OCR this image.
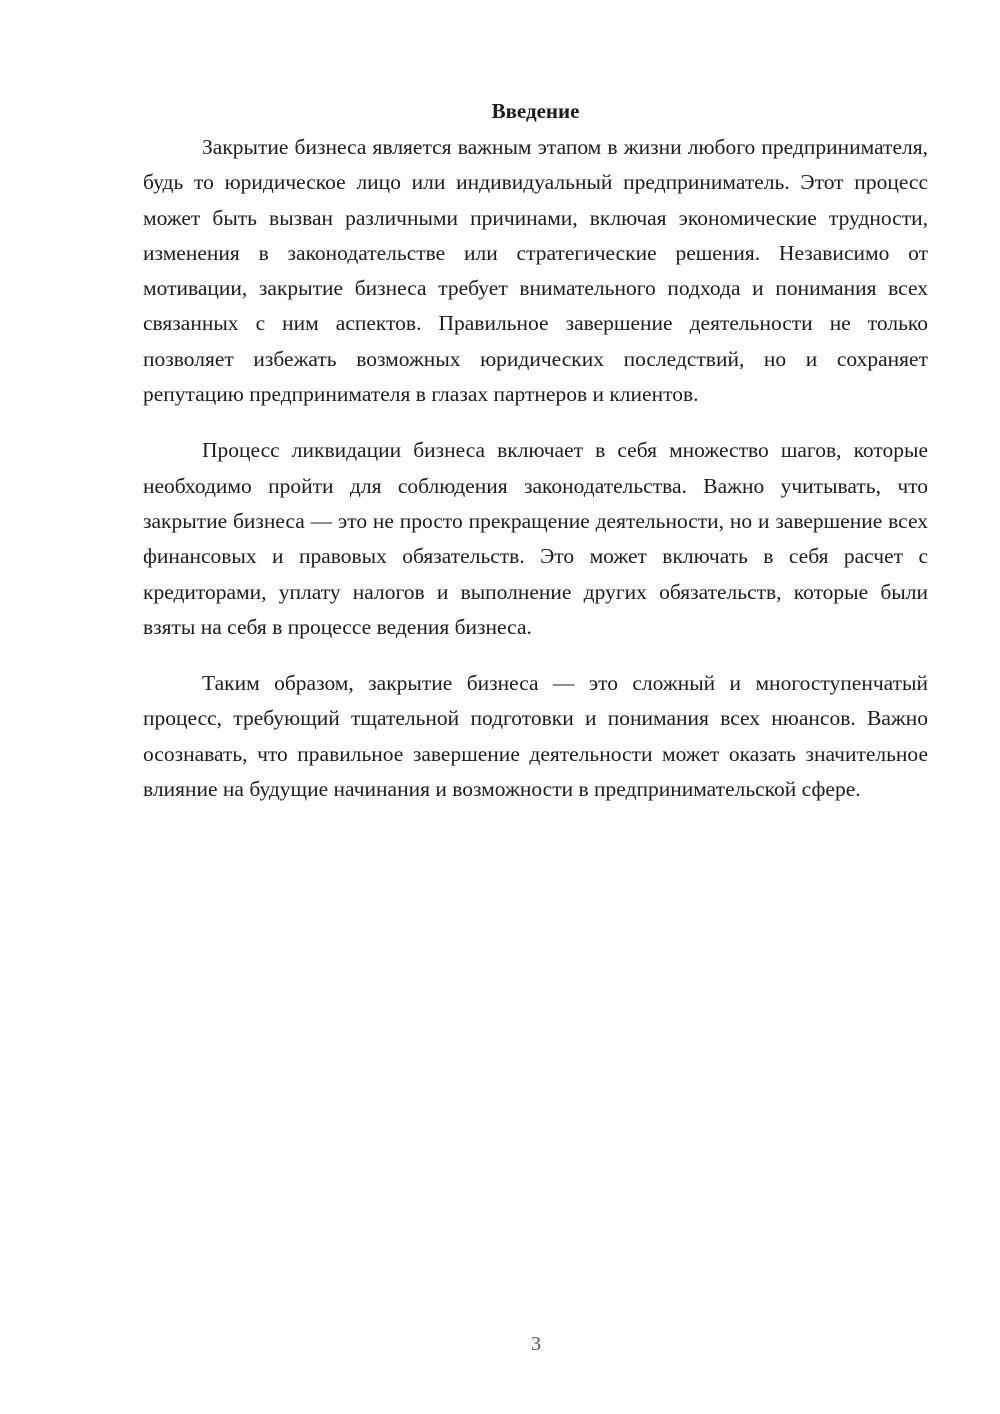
Введение

Закрытие бизнеса является важным этапом в жизни любого предпринимателя, будь то юридическое лицо или индивидуальный предприниматель. Этот процесс может быть вызван различными причинами, включая экономические трудности, изменения в законодательстве или стратегические решения. Независимо от мотивации, закрытие бизнеса требует внимательного подхода и понимания всех связанных с ним аспектов. Правильное завершение деятельности не только позволяет избежать возможных юридических последствий, но и сохраняет репутацию предпринимателя в глазах партнеров и клиентов.

Процесс ликвидации бизнеса включает в себя множество шагов, которые необходимо пройти для соблюдения законодательства. Важно учитывать, что закрытие бизнеса — это не просто прекращение деятельности, но и завершение всех финансовых и правовых обязательств. Это может включать в себя расчет с кредиторами, уплату налогов и выполнение других обязательств, которые были взяты на себя в процессе ведения бизнеса.

Таким образом, закрытие бизнеса — это сложный и многоступенчатый процесс, требующий тщательной подготовки и понимания всех нюансов. Важно осознавать, что правильное завершение деятельности может оказать значительное влияние на будущие начинания и возможности в предпринимательской сфере.

3
